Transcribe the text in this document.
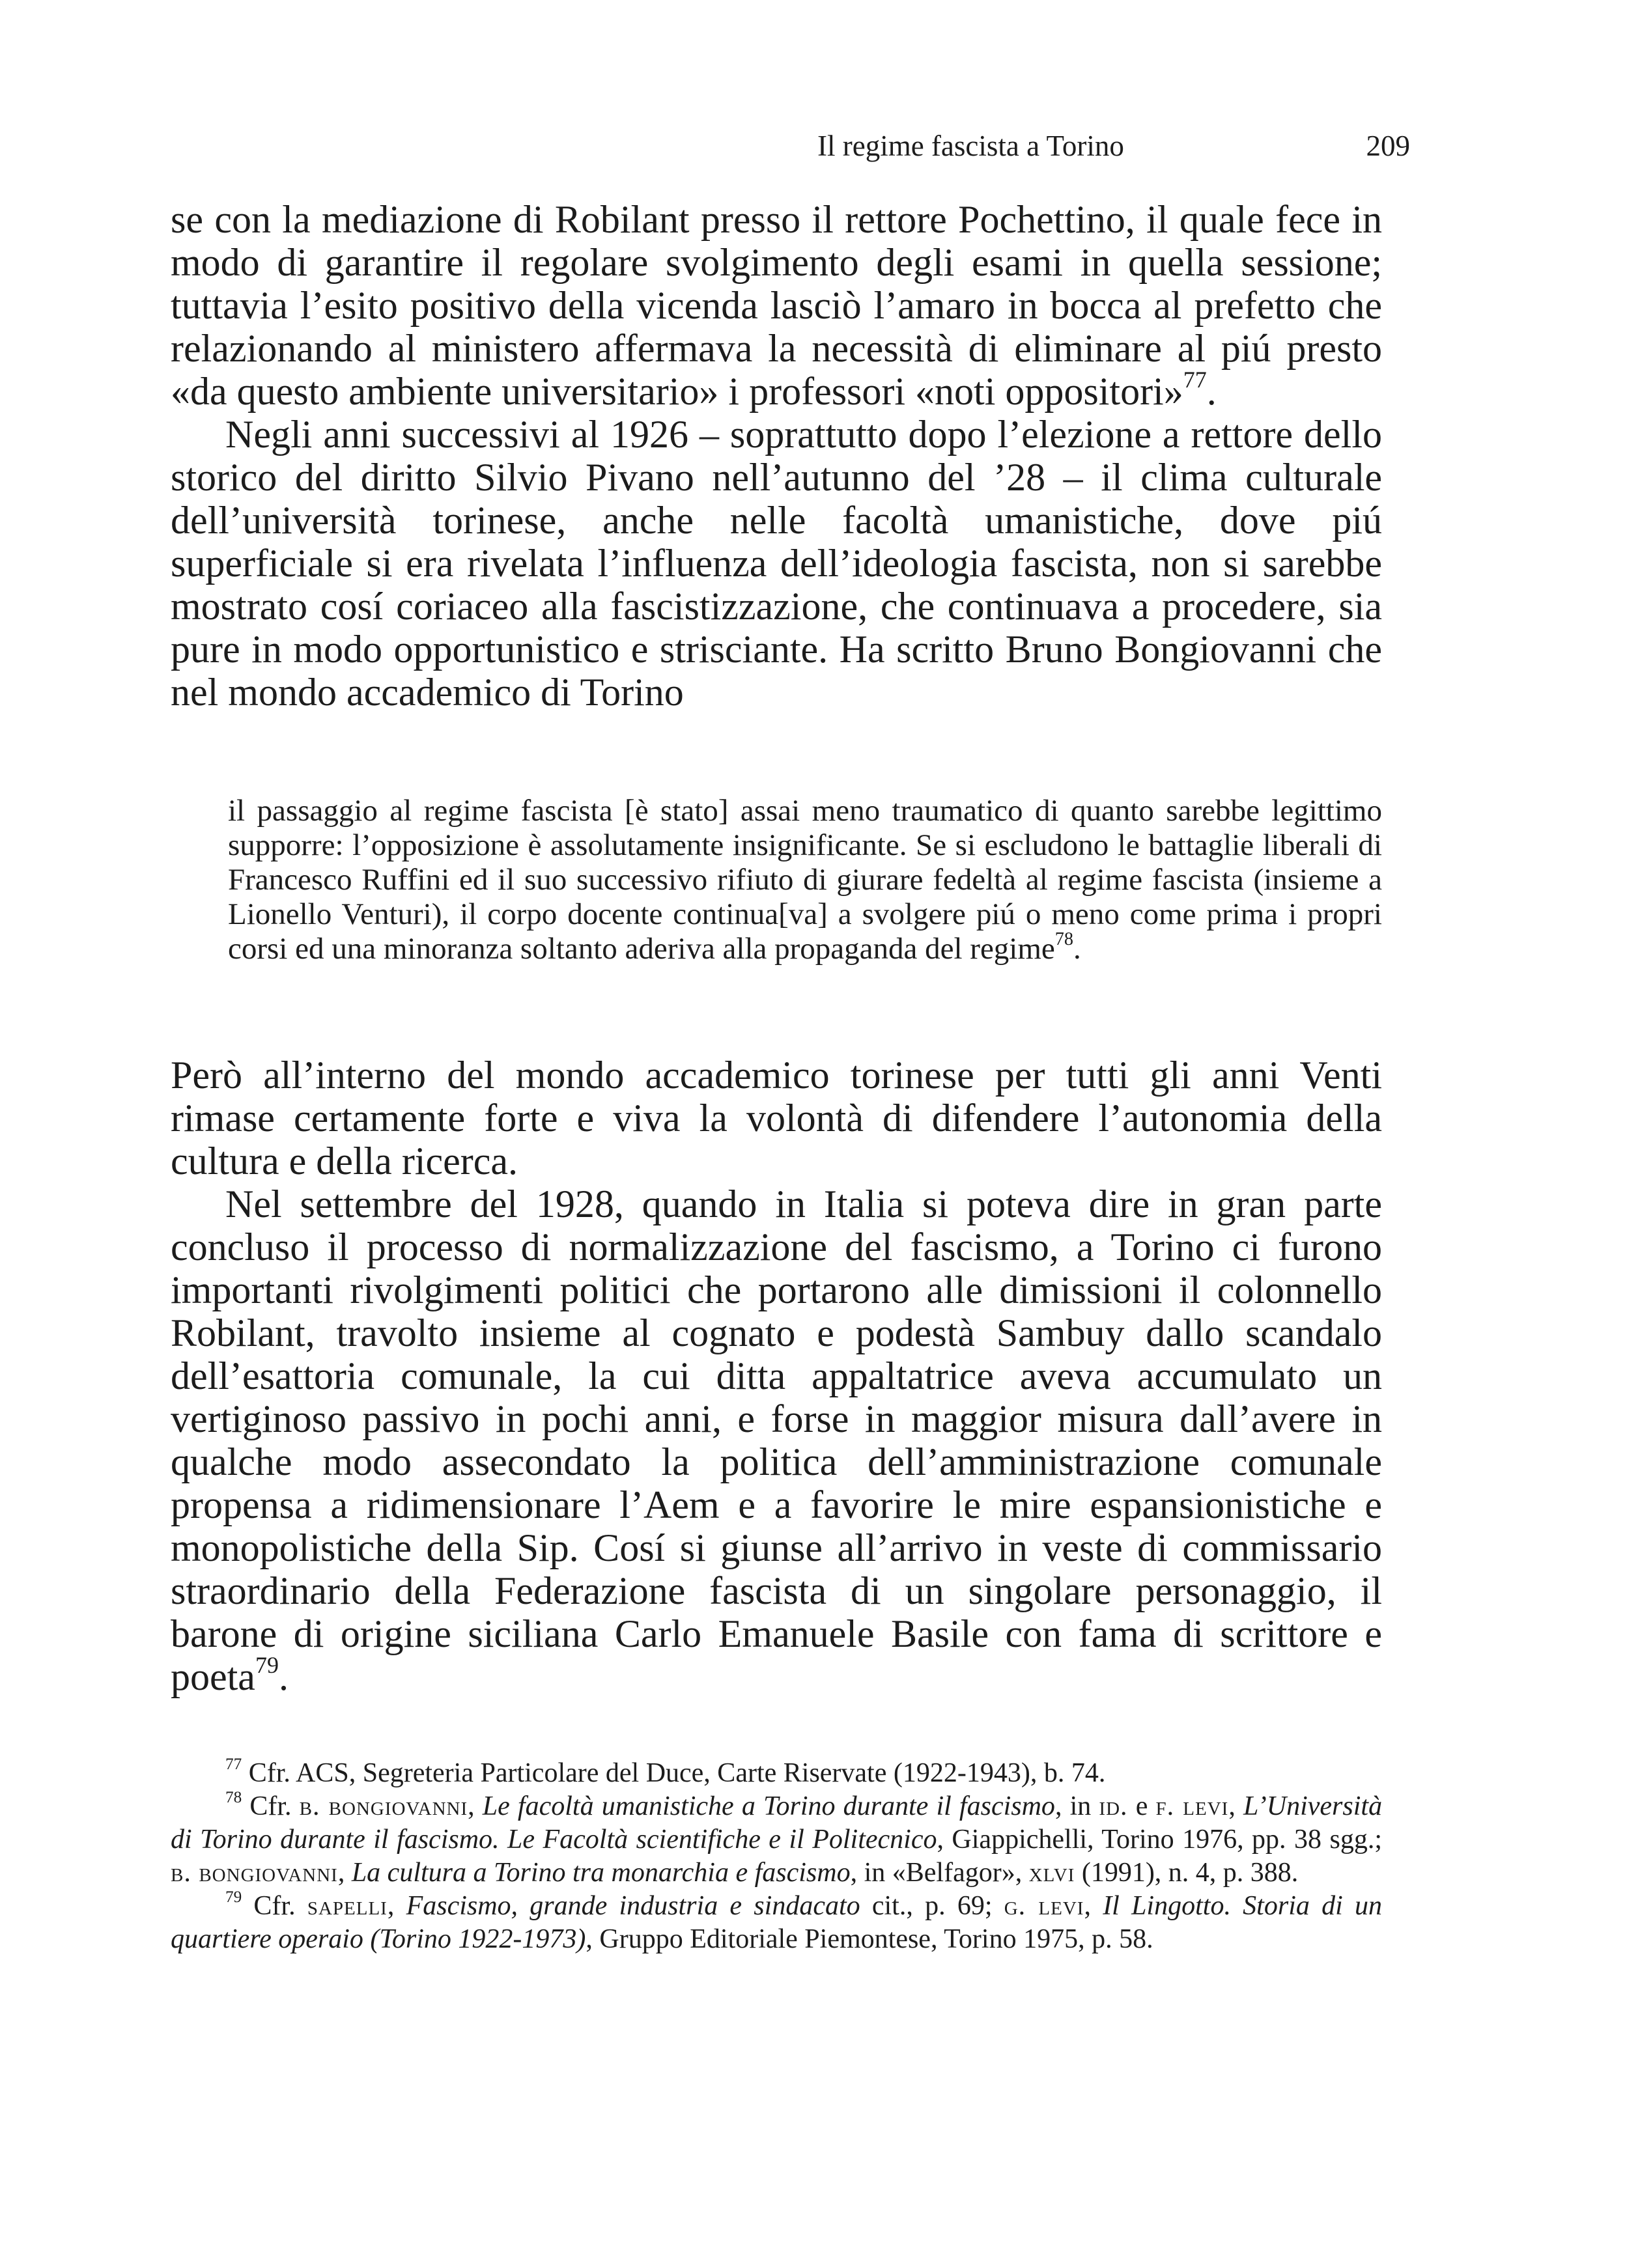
Il regime fascista a Torino	209

se con la mediazione di Robilant presso il rettore Pochettino, il quale fece in modo di garantire il regolare svolgimento degli esami in quella sessione; tuttavia l’esito positivo della vicenda lasciò l’amaro in bocca al prefetto che relazionando al ministero affermava la necessità di eliminare al piú presto «da questo ambiente universitario» i professori «noti oppositori»$^{77}$.

Negli anni successivi al 1926 – soprattutto dopo l’elezione a rettore dello storico del diritto Silvio Pivano nell’autunno del ’28 – il clima culturale dell’università torinese, anche nelle facoltà umanistiche, dove piú superficiale si era rivelata l’influenza dell’ideologia fascista, non si sarebbe mostrato cosí coriaceo alla fascistizzazione, che continuava a procedere, sia pure in modo opportunistico e strisciante. Ha scritto Bruno Bongiovanni che nel mondo accademico di Torino

il passaggio al regime fascista [è stato] assai meno traumatico di quanto sarebbe legittimo supporre: l’opposizione è assolutamente insignificante. Se si escludono le battaglie liberali di Francesco Ruffini ed il suo successivo rifiuto di giurare fedeltà al regime fascista (insieme a Lionello Venturi), il corpo docente continua[va] a svolgere piú o meno come prima i propri corsi ed una minoranza soltanto aderiva alla propaganda del regime$^{78}$.

Però all’interno del mondo accademico torinese per tutti gli anni Venti rimase certamente forte e viva la volontà di difendere l’autonomia della cultura e della ricerca.

Nel settembre del 1928, quando in Italia si poteva dire in gran parte concluso il processo di normalizzazione del fascismo, a Torino ci furono importanti rivolgimenti politici che portarono alle dimissioni il colonnello Robilant, travolto insieme al cognato e podestà Sambuy dallo scandalo dell’esattoria comunale, la cui ditta appaltatrice aveva accumulato un vertiginoso passivo in pochi anni, e forse in maggior misura dall’avere in qualche modo assecondato la politica dell’amministrazione comunale propensa a ridimensionare l’Aem e a favorire le mire espansionistiche e monopolistiche della Sip. Cosí si giunse all’arrivo in veste di commissario straordinario della Federazione fascista di un singolare personaggio, il barone di origine siciliana Carlo Emanuele Basile con fama di scrittore e poeta$^{79}$.

$^{77}$ Cfr. ACS, Segreteria Particolare del Duce, Carte Riservate (1922-1943), b. 74.

$^{78}$ Cfr. b. bongiovanni, Le facoltà umanistiche a Torino durante il fascismo, in id. e f. levi, L’Università di Torino durante il fascismo. Le Facoltà scientifiche e il Politecnico, Giappichelli, Torino 1976, pp. 38 sgg.; b. bongiovanni, La cultura a Torino tra monarchia e fascismo, in «Belfagor», xlvi (1991), n. 4, p. 388.

$^{79}$ Cfr. sapelli, Fascismo, grande industria e sindacato cit., p. 69; g. levi, Il Lingotto. Storia di un quartiere operaio (Torino 1922-1973), Gruppo Editoriale Piemontese, Torino 1975, p. 58.
